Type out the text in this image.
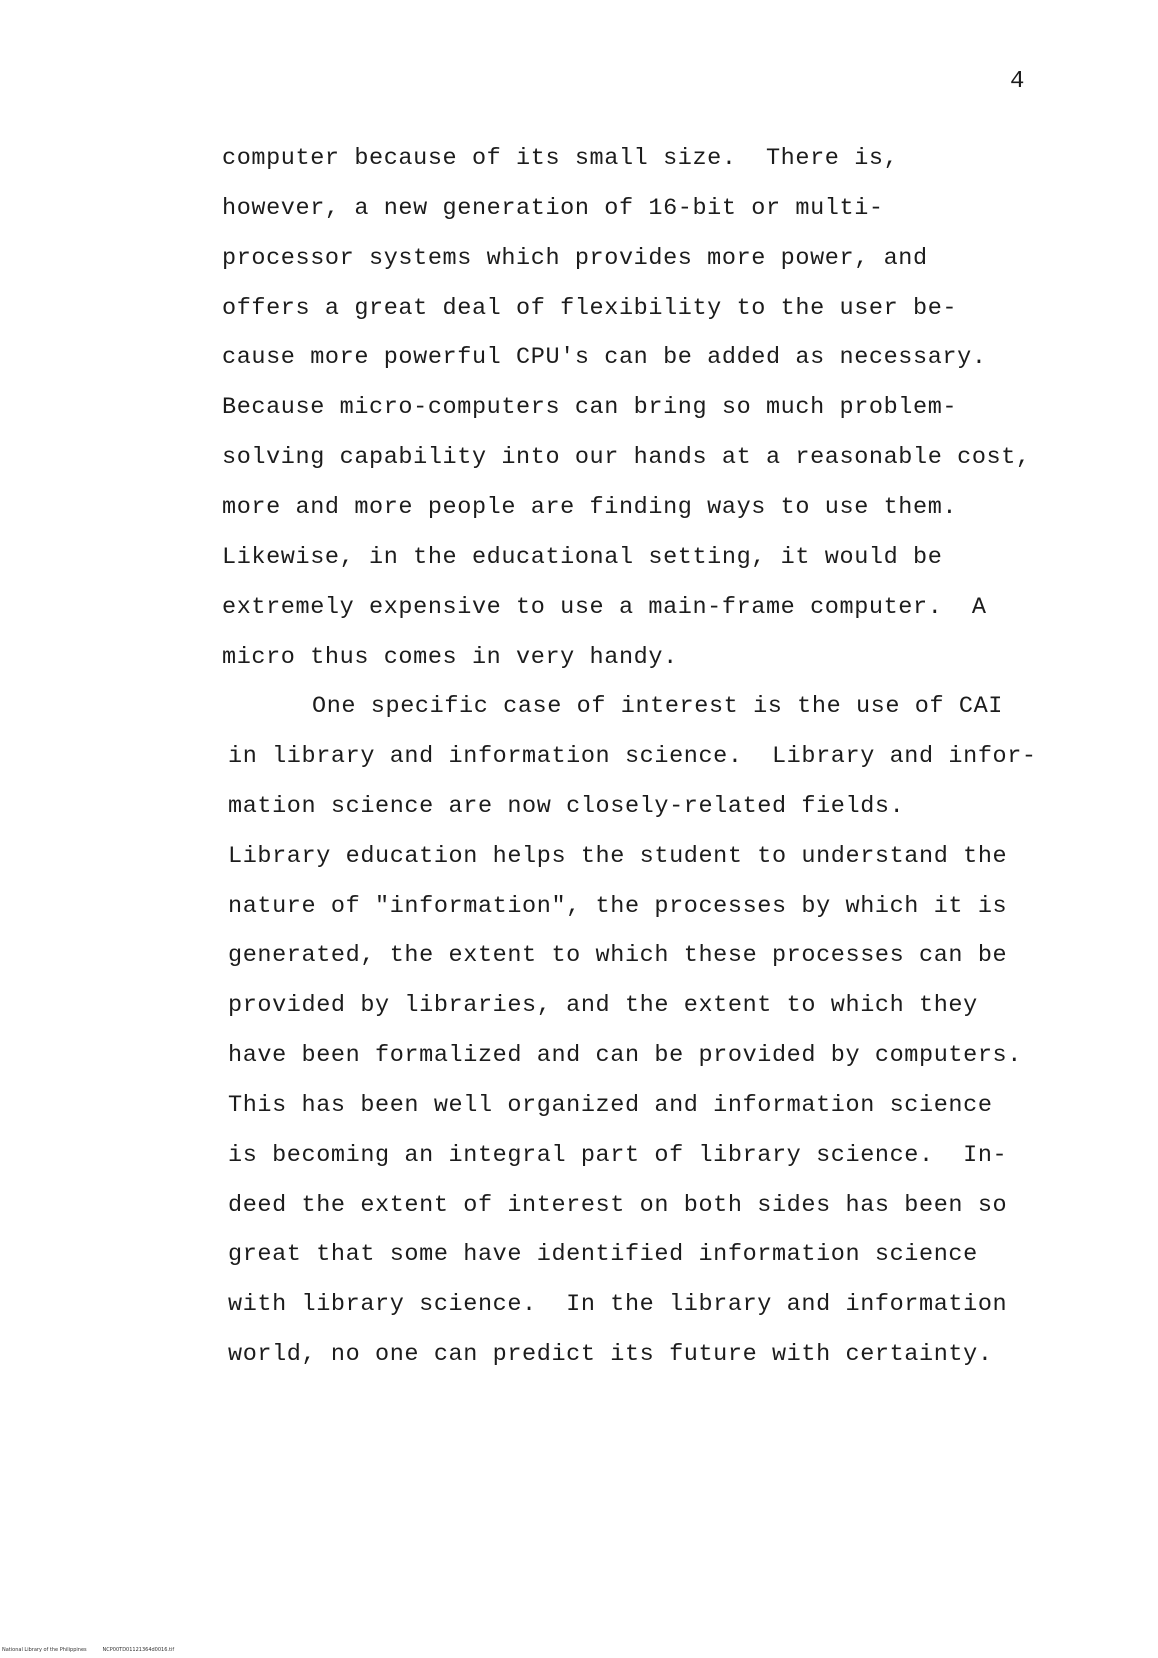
4
computer because of its small size.  There is,
however, a new generation of 16-bit or multi-
processor systems which provides more power, and
offers a great deal of flexibility to the user be-
cause more powerful CPU's can be added as necessary.
Because micro-computers can bring so much problem-
solving capability into our hands at a reasonable cost,
more and more people are finding ways to use them.
Likewise, in the educational setting, it would be
extremely expensive to use a main-frame computer.  A
micro thus comes in very handy.
One specific case of interest is the use of CAI
in library and information science.  Library and infor-
mation science are now closely-related fields.
Library education helps the student to understand the
nature of "information", the processes by which it is
generated, the extent to which these processes can be
provided by libraries, and the extent to which they
have been formalized and can be provided by computers.
This has been well organized and information science
is becoming an integral part of library science.  In-
deed the extent of interest on both sides has been so
great that some have identified information science
with library science.  In the library and information
world, no one can predict its future with certainty.
National Library of the Philippines	NCP00TD01121364d0016.tif
